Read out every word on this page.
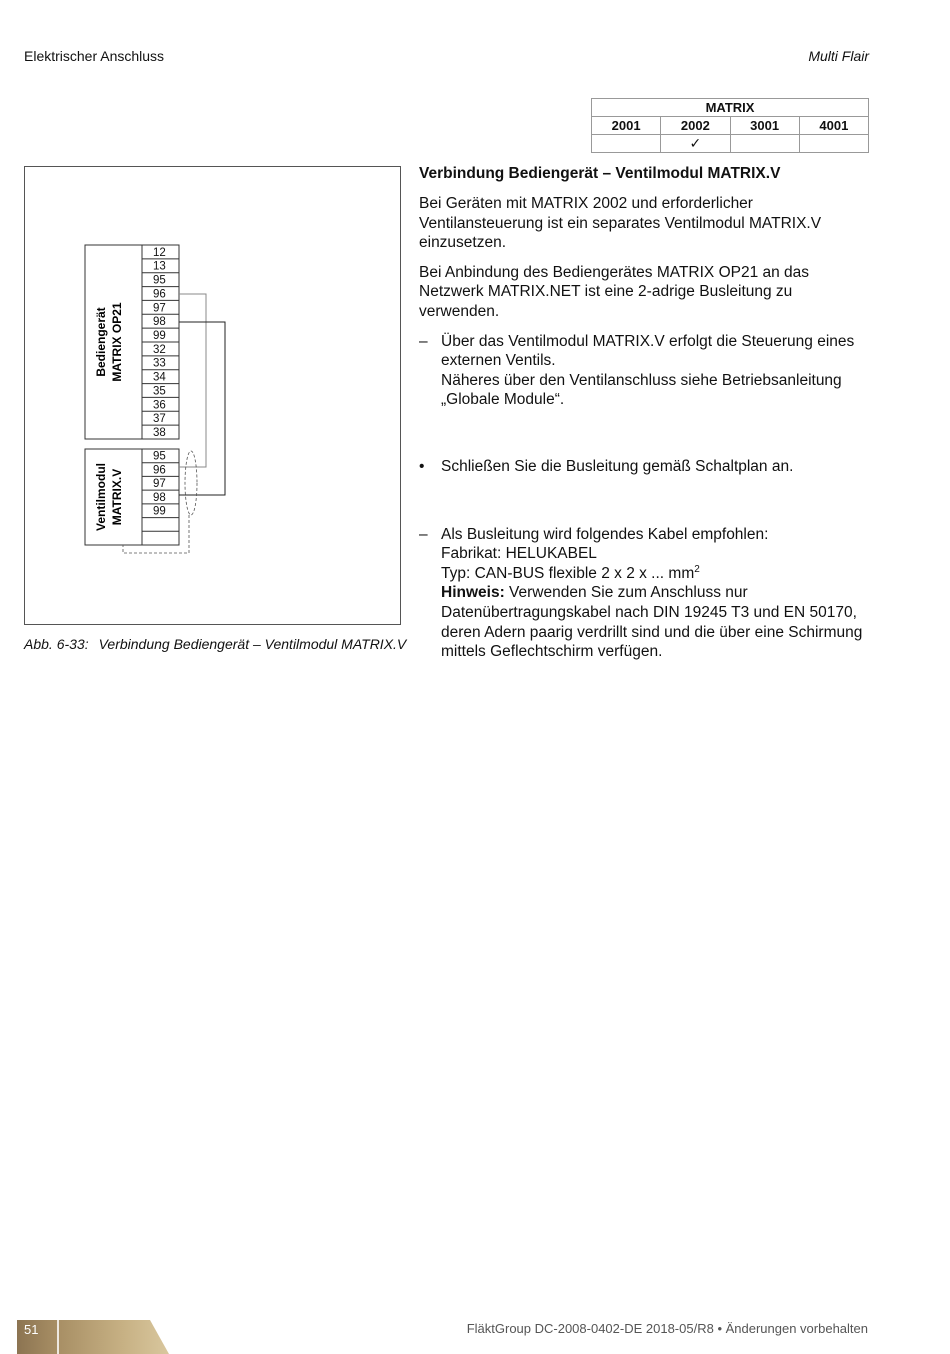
Elektrischer Anschluss	Multi Flair
MATRIX			
2001	2002	3001	4001
	✓		
12
13
95
96
97
98
99
32
33
34
35
36
37
38
Bediengerät MATRIX OP21
95
96
97
98
99
Ventilmodul MATRIX.V
Abb. 6-33: Verbindung Bediengerät – Ventilmodul MATRIX.V
Verbindung Bediengerät – Ventilmodul MATRIX.V

Bei Geräten mit MATRIX 2002 und erforderlicher Ventilansteuerung ist ein separates Ventilmodul MATRIX.V einzusetzen.

Bei Anbindung des Bediengerätes MATRIX OP21 an das Netzwerk MATRIX.NET ist eine 2-adrige Busleitung zu verwenden.

– Über das Ventilmodul MATRIX.V erfolgt die Steuerung eines externen Ventils.
Näheres über den Ventilanschluss siehe Betriebsanleitung „Globale Module“.
• Schließen Sie die Busleitung gemäß Schaltplan an.
– Als Busleitung wird folgendes Kabel empfohlen:
Fabrikat: HELUKABEL
Typ: CAN-BUS flexible 2 x 2 x ... $mm^2$
Hinweis: Verwenden Sie zum Anschluss nur Datenübertragungskabel nach DIN 19245 T3 und EN 50170, deren Adern paarig verdrillt sind und die über eine Schirmung mittels Geflechtschirm verfügen.
51	FläktGroup DC-2008-0402-DE 2018-05/R8 • Änderungen vorbehalten
